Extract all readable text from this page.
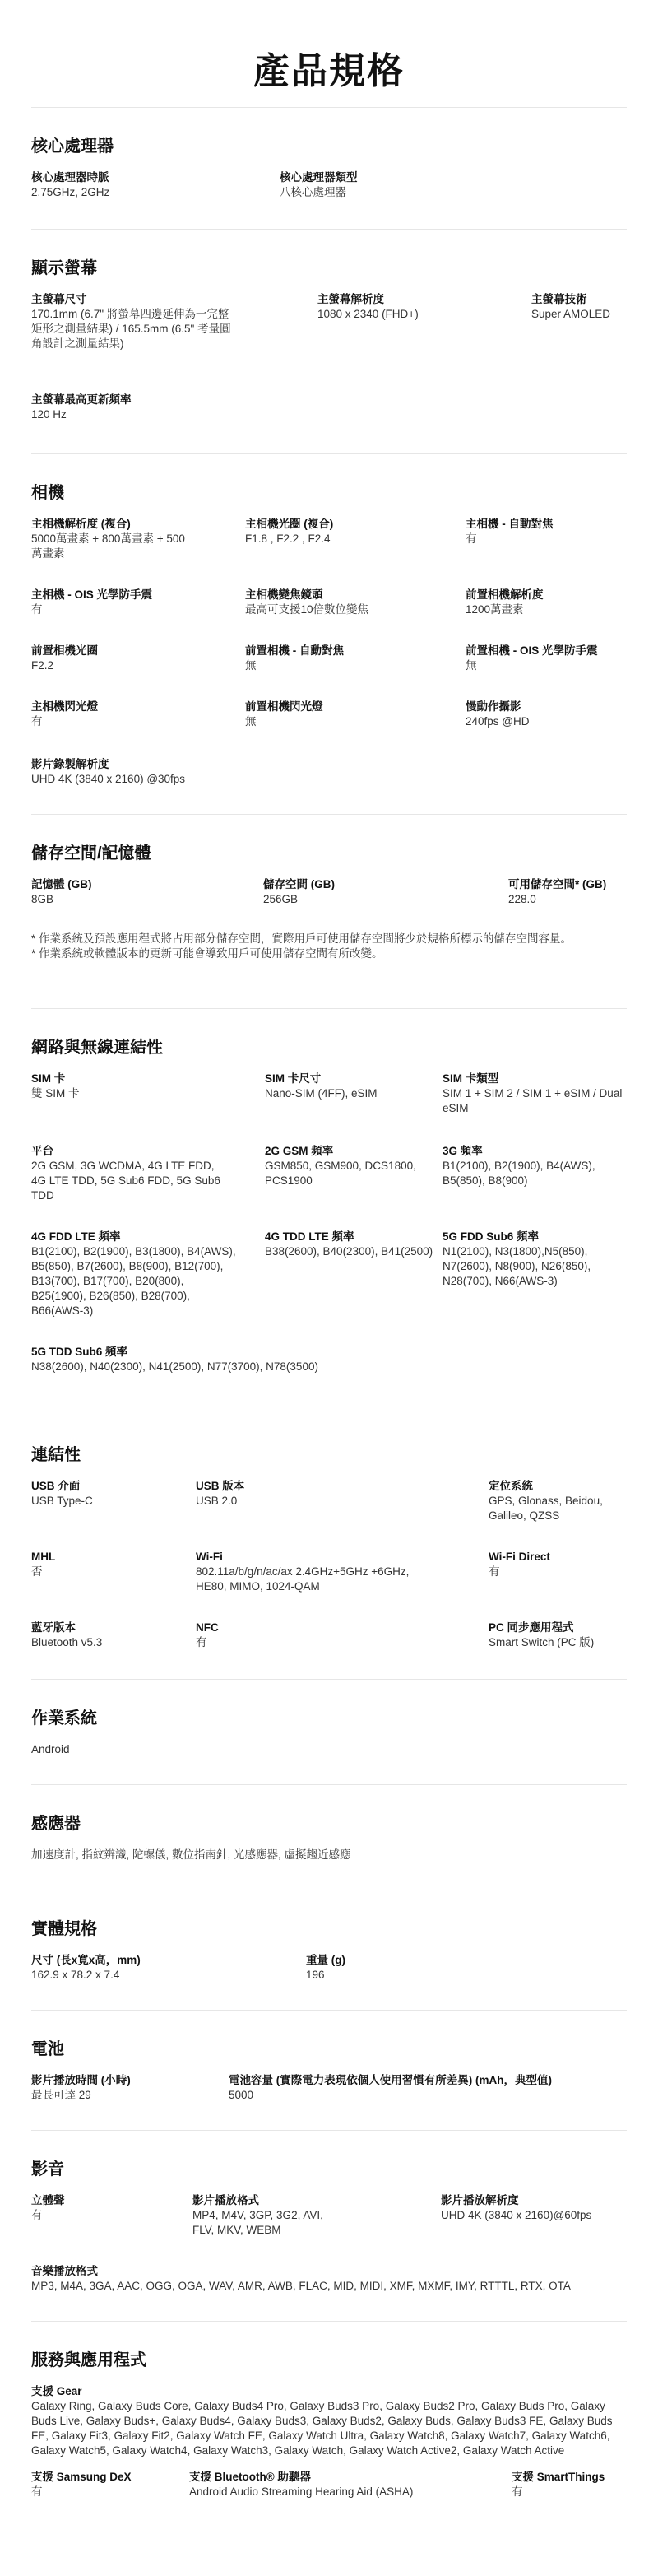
產品規格
核心處理器
核心處理器時脈
2.75GHz, 2GHz
核心處理器類型
八核心處理器
顯示螢幕
主螢幕尺寸
170.1mm (6.7" 將螢幕四邊延伸為一完整矩形之測量結果) / 165.5mm (6.5" 考量圓角設計之測量結果)
主螢幕解析度
1080 x 2340 (FHD+)
主螢幕技術
Super AMOLED
主螢幕最高更新頻率
120 Hz
相機
主相機解析度 (複合)
5000萬畫素 + 800萬畫素 + 500萬畫素
主相機光圈 (複合)
F1.8 , F2.2 , F2.4
主相機 - 自動對焦
有
主相機 - OIS 光學防手震
有
主相機變焦鏡頭
最高可支援10倍數位變焦
前置相機解析度
1200萬畫素
前置相機光圈
F2.2
前置相機 - 自動對焦
無
前置相機 - OIS 光學防手震
無
主相機閃光燈
有
前置相機閃光燈
無
慢動作攝影
240fps @HD
影片錄製解析度
UHD 4K (3840 x 2160) @30fps
儲存空間/記憶體
記憶體 (GB)
8GB
儲存空間 (GB)
256GB
可用儲存空間* (GB)
228.0
* 作業系統及預設應用程式將占用部分儲存空間，實際用戶可使用儲存空間將少於規格所標示的儲存空間容量。
* 作業系統或軟體版本的更新可能會導致用戶可使用儲存空間有所改變。
網路與無線連結性
SIM 卡
雙 SIM 卡
SIM 卡尺寸
Nano-SIM (4FF), eSIM
SIM 卡類型
SIM 1 + SIM 2 / SIM 1 + eSIM / Dual eSIM
平台
2G GSM, 3G WCDMA, 4G LTE FDD, 4G LTE TDD, 5G Sub6 FDD, 5G Sub6 TDD
2G GSM 頻率
GSM850, GSM900, DCS1800, PCS1900
3G 頻率
B1(2100), B2(1900), B4(AWS), B5(850), B8(900)
4G FDD LTE 頻率
B1(2100), B2(1900), B3(1800), B4(AWS), B5(850), B7(2600), B8(900), B12(700), B13(700), B17(700), B20(800), B25(1900), B26(850), B28(700), B66(AWS-3)
4G TDD LTE 頻率
B38(2600), B40(2300), B41(2500)
5G FDD Sub6 頻率
N1(2100), N3(1800),N5(850), N7(2600), N8(900), N26(850), N28(700), N66(AWS-3)
5G TDD Sub6 頻率
N38(2600), N40(2300), N41(2500), N77(3700), N78(3500)
連結性
USB 介面
USB Type-C
USB 版本
USB 2.0
定位系統
GPS, Glonass, Beidou, Galileo, QZSS
MHL
否
Wi-Fi
802.11a/b/g/n/ac/ax 2.4GHz+5GHz +6GHz, HE80, MIMO, 1024-QAM
Wi-Fi Direct
有
藍牙版本
Bluetooth v5.3
NFC
有
PC 同步應用程式
Smart Switch (PC 版)
作業系統
Android
感應器
加速度計, 指紋辨識, 陀螺儀, 數位指南針, 光感應器, 虛擬趨近感應
實體規格
尺寸 (長x寬x高，mm)
162.9 x 78.2 x 7.4
重量 (g)
196
電池
影片播放時間 (小時)
最長可達 29
電池容量 (實際電力表現依個人使用習慣有所差異) (mAh，典型值)
5000
影音
立體聲
有
影片播放格式
MP4, M4V, 3GP, 3G2, AVI, FLV, MKV, WEBM
影片播放解析度
UHD 4K (3840 x 2160)@60fps
音樂播放格式
MP3, M4A, 3GA, AAC, OGG, OGA, WAV, AMR, AWB, FLAC, MID, MIDI, XMF, MXMF, IMY, RTTTL, RTX, OTA
服務與應用程式
支援 Gear
Galaxy Ring, Galaxy Buds Core, Galaxy Buds4 Pro, Galaxy Buds3 Pro, Galaxy Buds2 Pro, Galaxy Buds Pro, Galaxy Buds Live, Galaxy Buds+, Galaxy Buds4, Galaxy Buds3, Galaxy Buds2, Galaxy Buds, Galaxy Buds3 FE, Galaxy Buds FE, Galaxy Fit3, Galaxy Fit2, Galaxy Watch FE, Galaxy Watch Ultra, Galaxy Watch8, Galaxy Watch7, Galaxy Watch6, Galaxy Watch5, Galaxy Watch4, Galaxy Watch3, Galaxy Watch, Galaxy Watch Active2, Galaxy Watch Active
支援 Samsung DeX
有
支援 Bluetooth® 助聽器
Android Audio Streaming Hearing Aid (ASHA)
支援 SmartThings
有
